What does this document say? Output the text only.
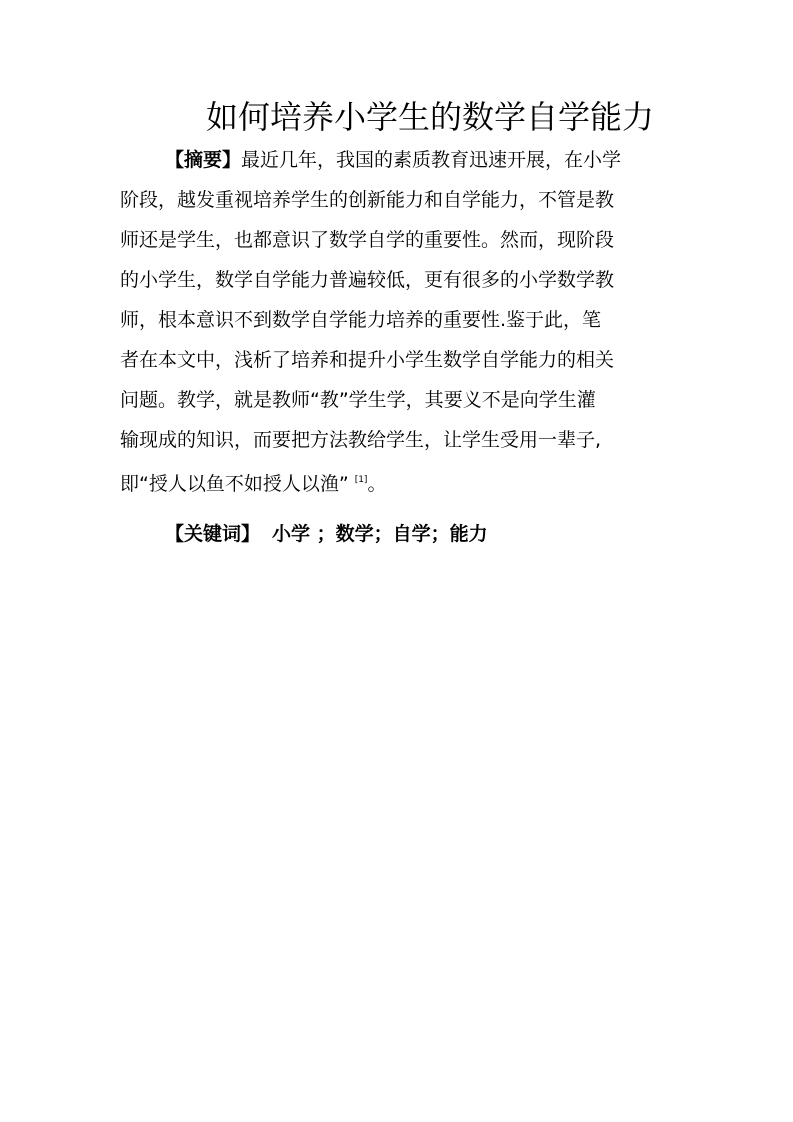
如何培养小学生的数学自学能力

【摘要】最近几年，我国的素质教育迅速开展，在小学
阶段，越发重视培养学生的创新能力和自学能力，不管是教
师还是学生，也都意识了数学自学的重要性。然而，现阶段
的小学生，数学自学能力普遍较低，更有很多的小学数学教
师，根本意识不到数学自学能力培养的重要性.鉴于此，笔
者在本文中，浅析了培养和提升小学生数学自学能力的相关
问题。教学，就是教师“教”学生学，其要义不是向学生灌
输现成的知识，而要把方法教给学生，让学生受用一辈子,
即“授人以鱼不如授人以渔” [1]。

【关键词】 小学 ；数学；自学；能力
